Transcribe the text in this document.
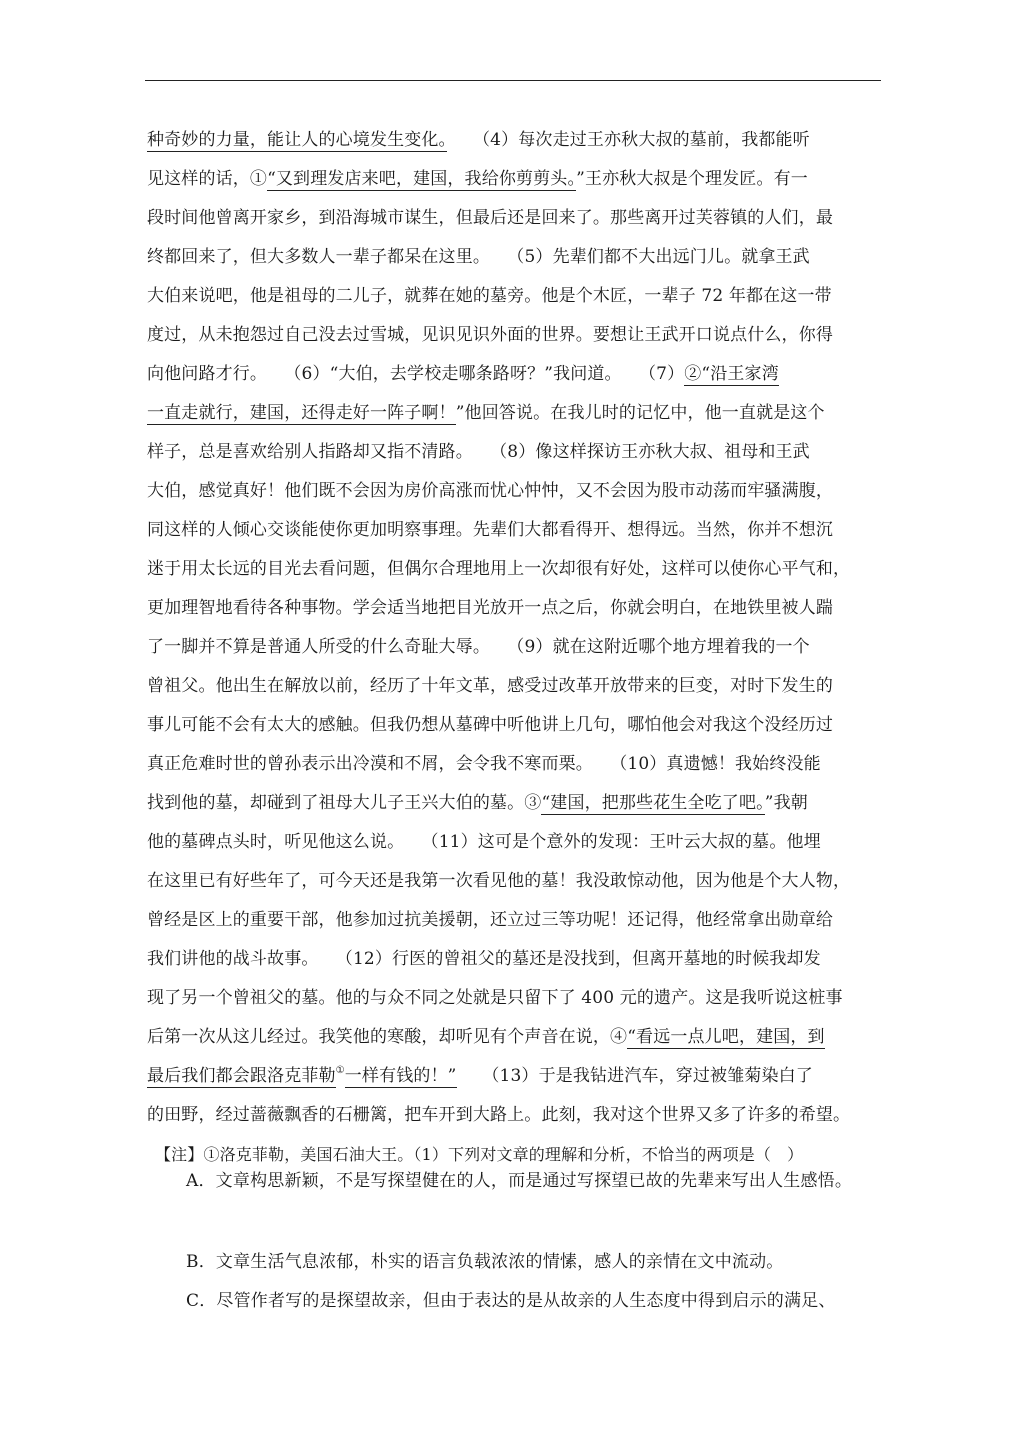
种奇妙的力量，能让人的心境发生变化。　　（4）每次走过王亦秋大叔的墓前，我都能听
见这样的话，①“又到理发店来吧，建国，我给你剪剪头。”王亦秋大叔是个理发匠。有一
段时间他曾离开家乡，到沿海城市谋生，但最后还是回来了。那些离开过芙蓉镇的人们，最
终都回来了，但大多数人一辈子都呆在这里。　　（5）先辈们都不大出远门儿。就拿王武
大伯来说吧，他是祖母的二儿子，就葬在她的墓旁。他是个木匠，一辈子 72 年都在这一带
度过，从未抱怨过自己没去过雪城，见识见识外面的世界。要想让王武开口说点什么，你得
向他问路才行。　　（6）“大伯，去学校走哪条路呀？”我问道。　　（7）②“沿王家湾
一直走就行，建国，还得走好一阵子啊！”他回答说。在我儿时的记忆中，他一直就是这个
样子，总是喜欢给别人指路却又指不清路。　　（8）像这样探访王亦秋大叔、祖母和王武
大伯，感觉真好！他们既不会因为房价高涨而忧心忡忡，又不会因为股市动荡而牢骚满腹，
同这样的人倾心交谈能使你更加明察事理。先辈们大都看得开、想得远。当然，你并不想沉
迷于用太长远的目光去看问题，但偶尔合理地用上一次却很有好处，这样可以使你心平气和，
更加理智地看待各种事物。学会适当地把目光放开一点之后，你就会明白，在地铁里被人踹
了一脚并不算是普通人所受的什么奇耻大辱。　　（9）就在这附近哪个地方埋着我的一个
曾祖父。他出生在解放以前，经历了十年文革，感受过改革开放带来的巨变，对时下发生的
事儿可能不会有太大的感触。但我仍想从墓碑中听他讲上几句，哪怕他会对我这个没经历过
真正危难时世的曾孙表示出冷漠和不屑，会令我不寒而栗。　　（10）真遗憾！我始终没能
找到他的墓，却碰到了祖母大儿子王兴大伯的墓。③“建国，把那些花生全吃了吧。”我朝
他的墓碑点头时，听见他这么说。　　（11）这可是个意外的发现：王叶云大叔的墓。他埋
在这里已有好些年了，可今天还是我第一次看见他的墓！我没敢惊动他，因为他是个大人物，
曾经是区上的重要干部，他参加过抗美援朝，还立过三等功呢！还记得，他经常拿出勋章给
我们讲他的战斗故事。　　（12）行医的曾祖父的墓还是没找到，但离开墓地的时候我却发
现了另一个曾祖父的墓。他的与众不同之处就是只留下了 400 元的遗产。这是我听说这桩事
后第一次从这儿经过。我笑他的寒酸，却听见有个声音在说，④“看远一点儿吧，建国，到
最后我们都会跟洛克菲勒①一样有钱的！”　　（13）于是我钻进汽车，穿过被雏菊染白了
的田野，经过蔷薇飘香的石栅篱，把车开到大路上。此刻，我对这个世界又多了许多的希望。
【注】①洛克菲勒，美国石油大王。（1）下列对文章的理解和分析，不恰当的两项是（　）
A．文章构思新颖，不是写探望健在的人，而是通过写探望已故的先辈来写出人生感悟。
B．文章生活气息浓郁，朴实的语言负载浓浓的情愫，感人的亲情在文中流动。
C．尽管作者写的是探望故亲，但由于表达的是从故亲的人生态度中得到启示的满足、
